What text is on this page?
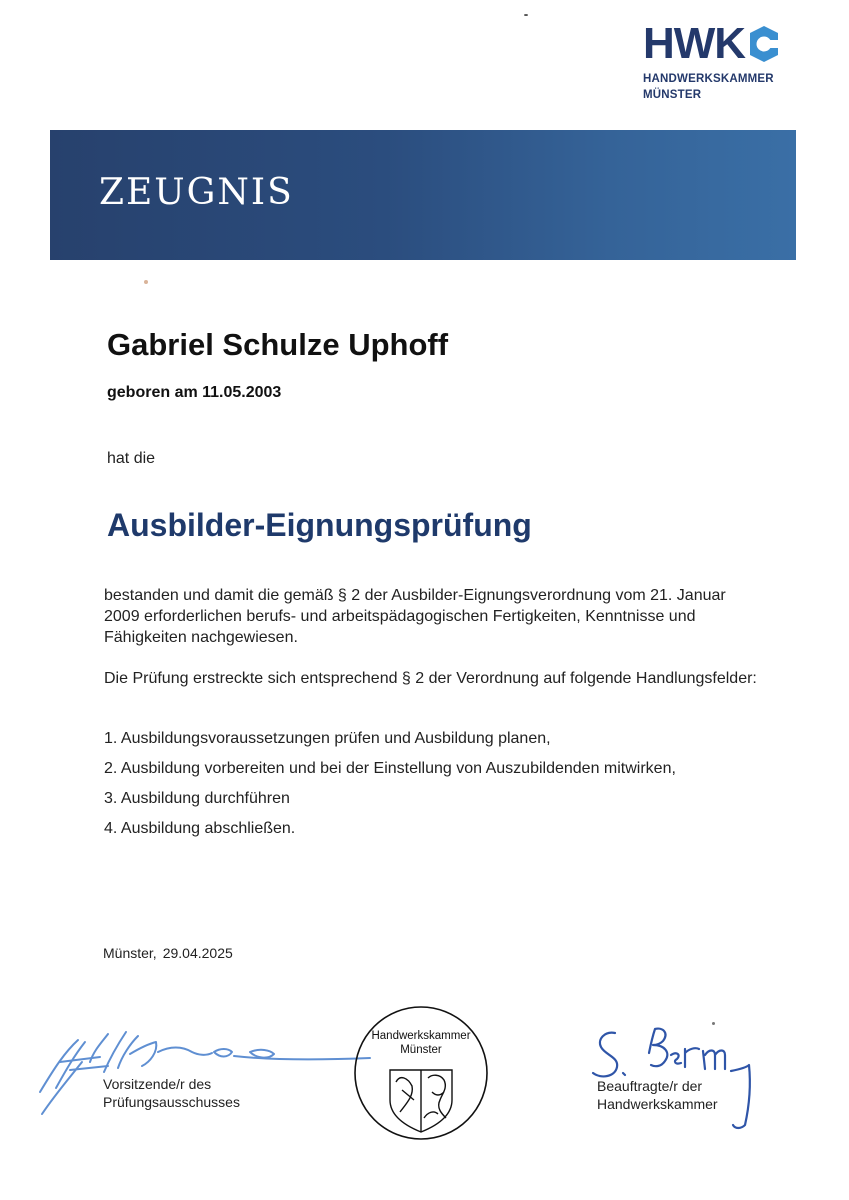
HWK
HANDWERKSKAMMER
MÜNSTER
ZEUGNIS
Gabriel Schulze Uphoff
geboren am 11.05.2003
hat die
Ausbilder-Eignungsprüfung
bestanden und damit die gemäß § 2 der Ausbilder-Eignungsverordnung vom 21. Januar 2009 erforderlichen berufs- und arbeitspädagogischen Fertigkeiten, Kenntnisse und Fähigkeiten nachgewiesen.
Die Prüfung erstreckte sich entsprechend § 2 der Verordnung auf folgende Handlungsfelder:
1. Ausbildungsvoraussetzungen prüfen und Ausbildung planen,
2. Ausbildung vorbereiten und bei der Einstellung von Auszubildenden mitwirken,
3. Ausbildung durchführen
4. Ausbildung abschließen.
Münster, 29.04.2025
Vorsitzende/r des
Prüfungsausschusses
Handwerkskammer
Münster
Beauftragte/r der
Handwerkskammer
